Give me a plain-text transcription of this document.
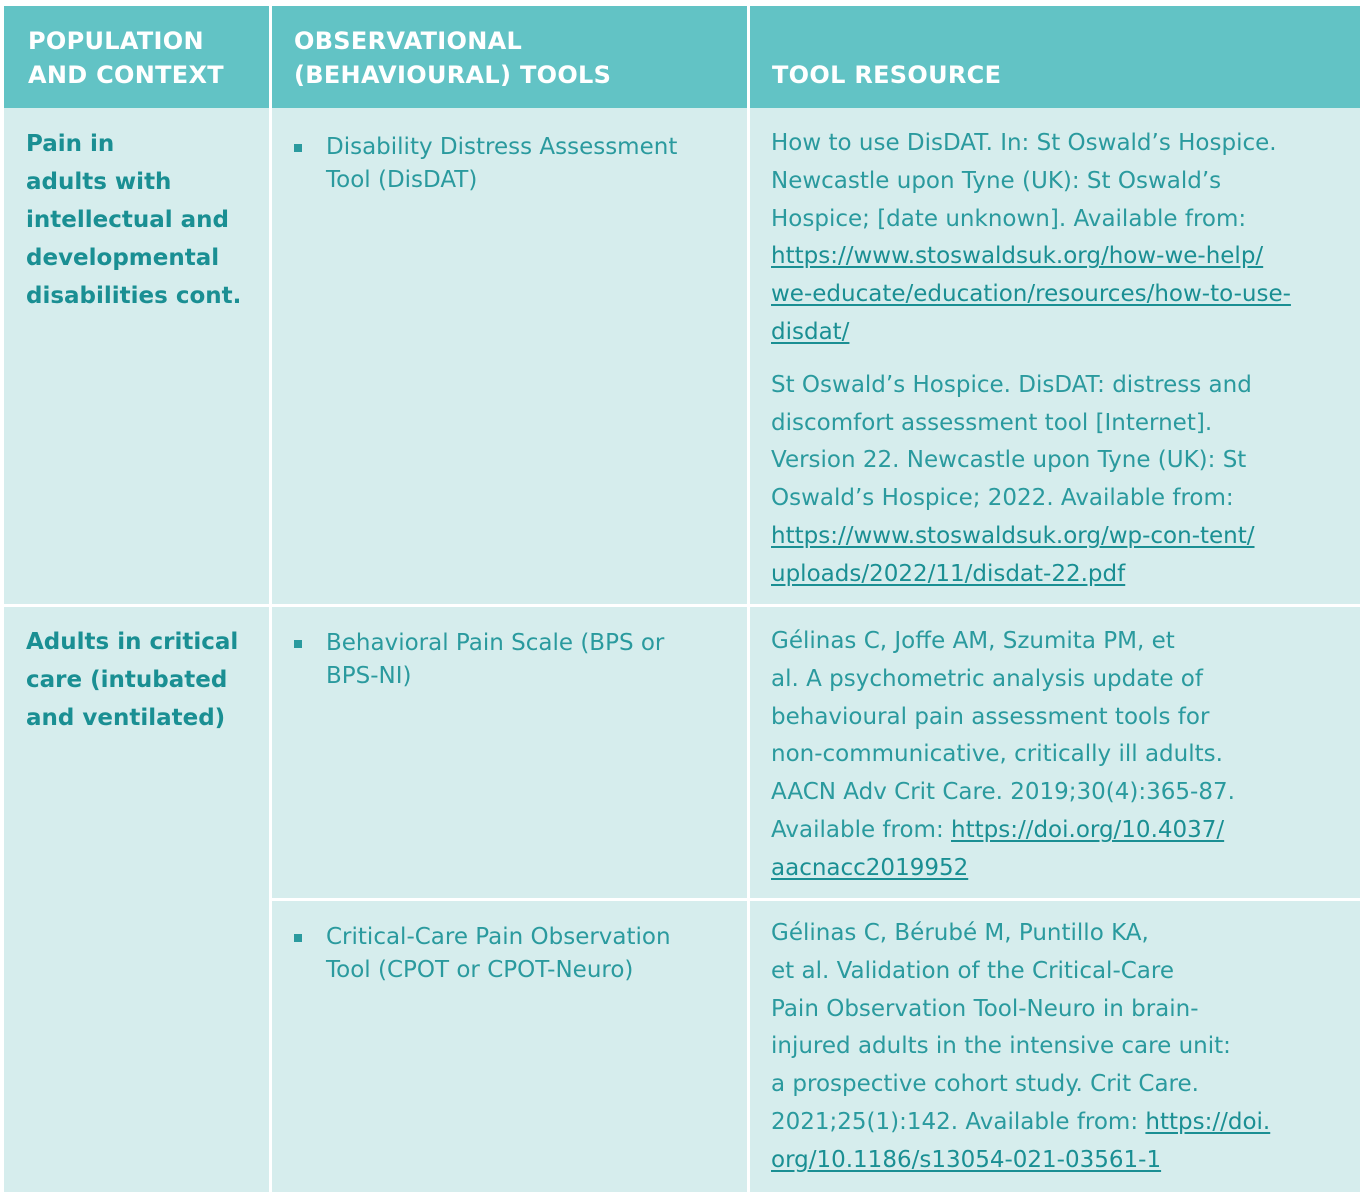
POPULATION
AND CONTEXT
OBSERVATIONAL
(BEHAVIOURAL) TOOLS	TOOL RESOURCE
Pain in
adults with
intellectual and
developmental
disabilities cont.
Disability Distress Assessment
Tool (DisDAT)

How to use DisDAT. In: St Oswald’s Hospice.
Newcastle upon Tyne (UK): St Oswald’s
Hospice; [date unknown]. Available from:
https://www.stoswaldsuk.org/how-we-help/
we-educate/education/resources/how-to-use-
disdat/

St Oswald’s Hospice. DisDAT: distress and
discomfort assessment tool [Internet].
Version 22. Newcastle upon Tyne (UK): St
Oswald’s Hospice; 2022. Available from:
https://www.stoswaldsuk.org/wp-con-tent/
uploads/2022/11/disdat-22.pdf

Adults in critical
care (intubated
and ventilated)
Behavioral Pain Scale (BPS or
BPS-NI)

Gélinas C, Joffe AM, Szumita PM, et
al. A psychometric analysis update of
behavioural pain assessment tools for
non-communicative, critically ill adults.
AACN Adv Crit Care. 2019;30(4):365-87.
Available from: https://doi.org/10.4037/
aacnacc2019952

Critical-Care Pain Observation
Tool (CPOT or CPOT-Neuro)

Gélinas C, Bérubé M, Puntillo KA,
et al. Validation of the Critical-Care
Pain Observation Tool-Neuro in brain-
injured adults in the intensive care unit:
a prospective cohort study. Crit Care.
2021;25(1):142. Available from: https://doi.
org/10.1186/s13054-021-03561-1
